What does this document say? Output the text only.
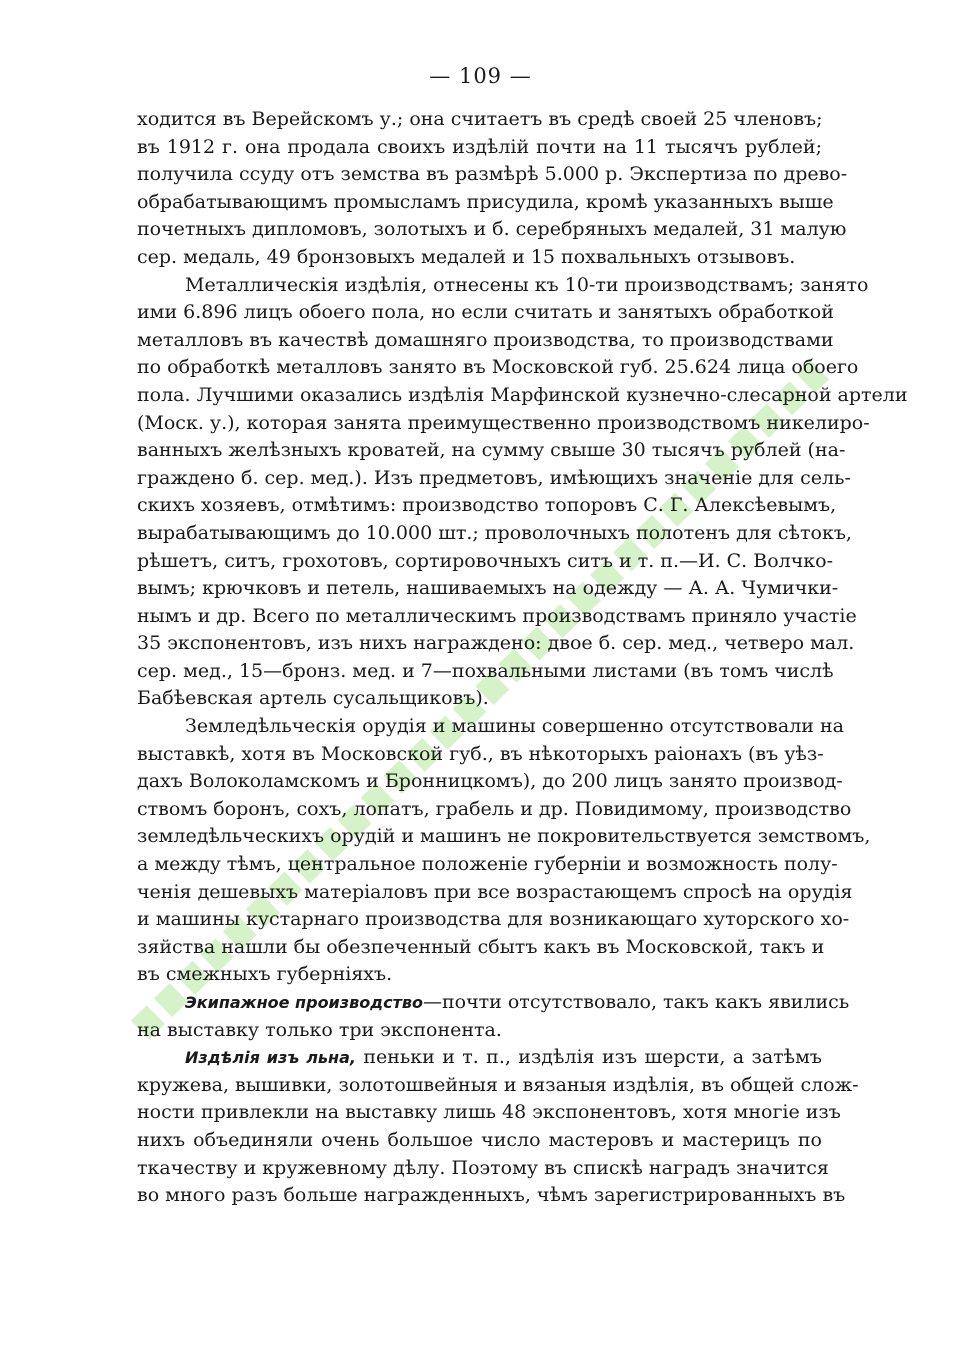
— 109 —
ходится въ Верейскомъ у.; она считаетъ въ средѣ своей 25 членовъ;
въ 1912 г. она продала своихъ издѣлій почти на 11 тысячъ рублей;
получила ссуду отъ земства въ размѣрѣ 5.000 р. Экспертиза по древо-
обрабатывающимъ промысламъ присудила, кромѣ указанныхъ выше
почетныхъ дипломовъ, золотыхъ и б. серебряныхъ медалей, 31 малую
сер. медаль, 49 бронзовыхъ медалей и 15 похвальныхъ отзывовъ.
Металлическія издѣлія, отнесены къ 10-ти производствамъ; занято
ими 6.896 лицъ обоего пола, но если считать и занятыхъ обработкой
металловъ въ качествѣ домашняго производства, то производствами
по обработкѣ металловъ занято въ Московской губ. 25.624 лица обоего
пола. Лучшими оказались издѣлія Марфинской кузнечно-слесарной артели
(Моск. у.), которая занята преимущественно производствомъ никелиро-
ванныхъ желѣзныхъ кроватей, на сумму свыше 30 тысячъ рублей (на-
граждено б. сер. мед.). Изъ предметовъ, имѣющихъ значеніе для сель-
скихъ хозяевъ, отмѣтимъ: производство топоровъ С. Г. Алексѣевымъ,
вырабатывающимъ до 10.000 шт.; проволочныхъ полотенъ для сѣтокъ,
рѣшетъ, ситъ, грохотовъ, сортировочныхъ ситъ и т. п.—И. С. Волчко-
вымъ; крючковъ и петель, нашиваемыхъ на одежду — А. А. Чумички-
нымъ и др. Всего по металлическимъ производствамъ приняло участіе
35 экспонентовъ, изъ нихъ награждено: двое б. сер. мед., четверо мал.
сер. мед., 15—бронз. мед. и 7—похвальными листами (въ томъ числѣ
Бабѣевская артель сусальщиковъ).
Земледѣльческія орудія и машины совершенно отсутствовали на
выставкѣ, хотя въ Московской губ., въ нѣкоторыхъ раіонахъ (въ уѣз-
дахъ Волоколамскомъ и Бронницкомъ), до 200 лицъ занято производ-
ствомъ боронъ, сохъ, лопатъ, грабель и др. Повидимому, производство
земледѣльческихъ орудій и машинъ не покровительствуется земствомъ,
а между тѣмъ, центральное положеніе губерніи и возможность полу-
ченія дешевыхъ матеріаловъ при все возрастающемъ спросѣ на орудія
и машины кустарнаго производства для возникающаго хуторского хо-
зяйства нашли бы обезпеченный сбытъ какъ въ Московской, такъ и
въ смежныхъ губерніяхъ.
Экипажное производство—почти отсутствовало, такъ какъ явились
на выставку только три экспонента.
Издѣлія изъ льна, пеньки и т. п., издѣлія изъ шерсти, а затѣмъ
кружева, вышивки, золотошвейныя и вязаныя издѣлія, въ общей слож-
ности привлекли на выставку лишь 48 экспонентовъ, хотя многіе изъ
нихъ объединяли очень большое число мастеровъ и мастерицъ по
ткачеству и кружевному дѣлу. Поэтому въ спискѣ наградъ значится
во много разъ больше награжденныхъ, чѣмъ зарегистрированныхъ въ
